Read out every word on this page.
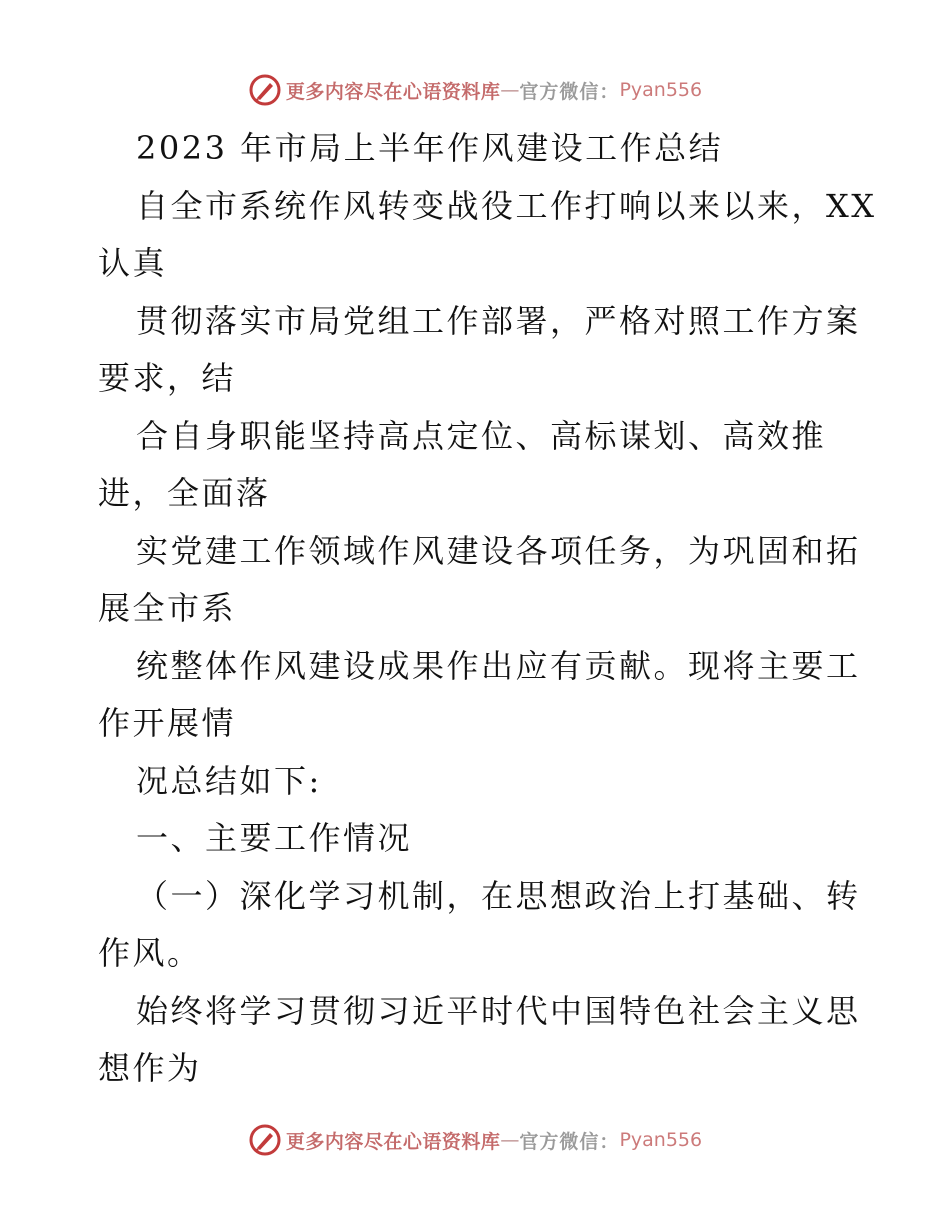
更多内容尽在心语资料库 — 官方微信： Pyan556
2023 年市局上半年作风建设工作总结
自全市系统作风转变战役工作打响以来以来，XX
认真
贯彻落实市局党组工作部署，严格对照工作方案
要求，结
合自身职能坚持高点定位、高标谋划、高效推
进，全面落
实党建工作领域作风建设各项任务，为巩固和拓
展全市系
统整体作风建设成果作出应有贡献。现将主要工
作开展情
况总结如下:
一、主要工作情况
（一）深化学习机制，在思想政治上打基础、转
作风。
始终将学习贯彻习近平时代中国特色社会主义思
想作为
更多内容尽在心语资料库 — 官方微信： Pyan556
